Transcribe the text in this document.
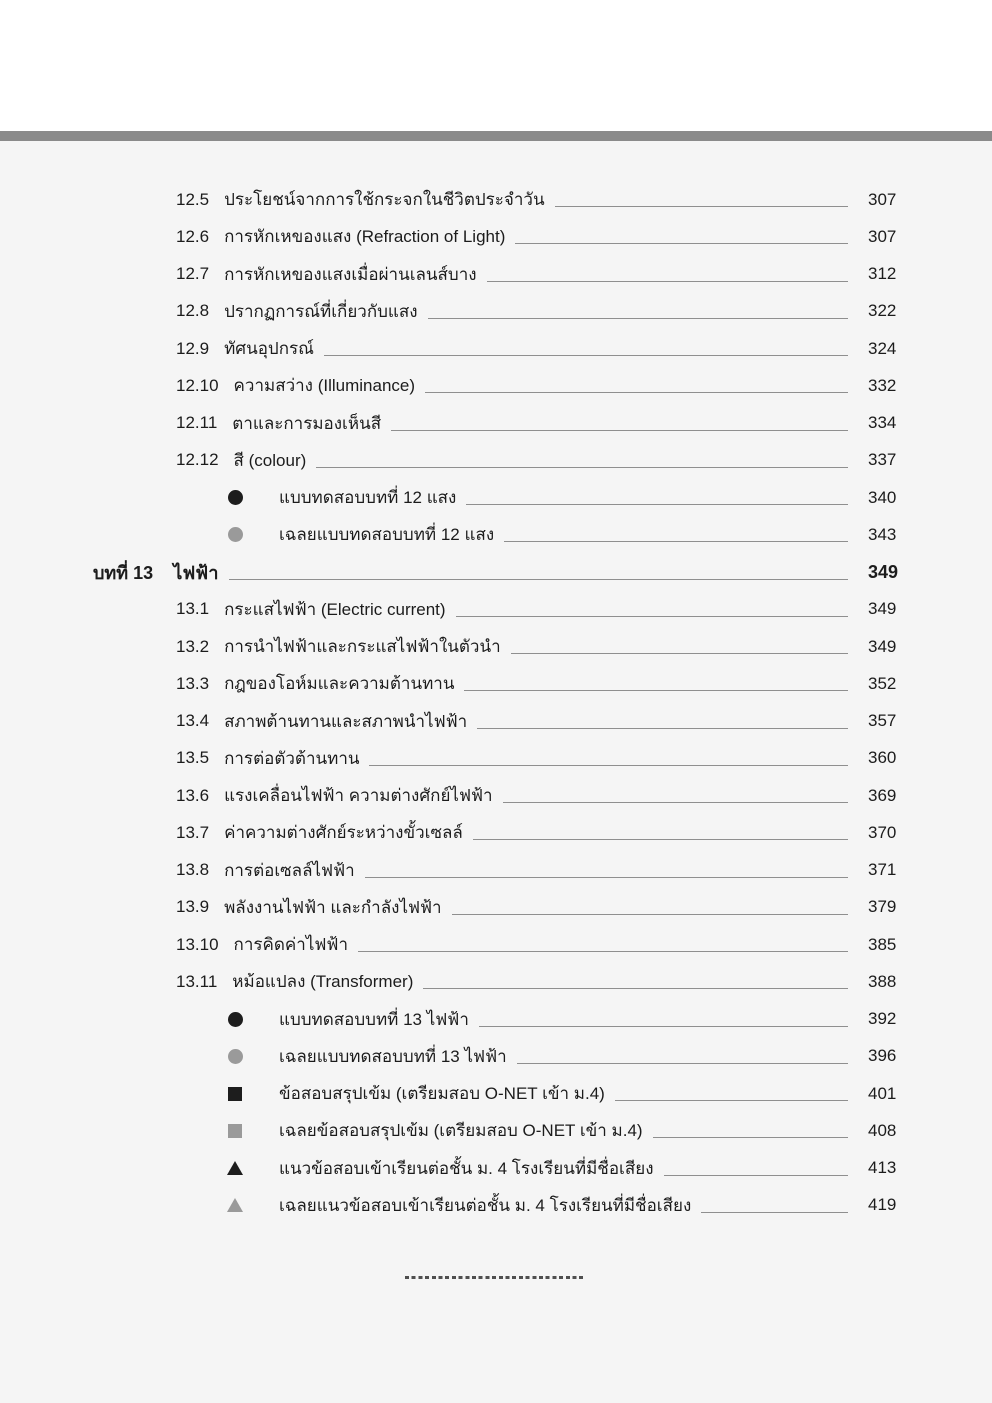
12.5 ประโยชน์จากการใช้กระจกในชีวิตประจำวัน	307
12.6 การหักเหของแสง (Refraction of Light)	307
12.7 การหักเหของแสงเมื่อผ่านเลนส์บาง	312
12.8 ปรากฏการณ์ที่เกี่ยวกับแสง	322
12.9 ทัศนอุปกรณ์	324
12.10 ความสว่าง (Illuminance)	332
12.11 ตาและการมองเห็นสี	334
12.12 สี (colour)	337
แบบทดสอบบทที่ 12 แสง	340
เฉลยแบบทดสอบบทที่ 12 แสง	343
บทที่ 13 ไฟฟ้า	349
13.1 กระแสไฟฟ้า (Electric current)	349
13.2 การนำไฟฟ้าและกระแสไฟฟ้าในตัวนำ	349
13.3 กฎของโอห์มและความต้านทาน	352
13.4 สภาพต้านทานและสภาพนำไฟฟ้า	357
13.5 การต่อตัวต้านทาน	360
13.6 แรงเคลื่อนไฟฟ้า ความต่างศักย์ไฟฟ้า	369
13.7 ค่าความต่างศักย์ระหว่างขั้วเซลล์	370
13.8 การต่อเซลล์ไฟฟ้า	371
13.9 พลังงานไฟฟ้า และกำลังไฟฟ้า	379
13.10 การคิดค่าไฟฟ้า	385
13.11 หม้อแปลง (Transformer)	388
แบบทดสอบบทที่ 13 ไฟฟ้า	392
เฉลยแบบทดสอบบทที่ 13 ไฟฟ้า	396
ข้อสอบสรุปเข้ม (เตรียมสอบ O-NET เข้า ม.4)	401
เฉลยข้อสอบสรุปเข้ม (เตรียมสอบ O-NET เข้า ม.4)	408
แนวข้อสอบเข้าเรียนต่อชั้น ม. 4 โรงเรียนที่มีชื่อเสียง	413
เฉลยแนวข้อสอบเข้าเรียนต่อชั้น ม. 4 โรงเรียนที่มีชื่อเสียง	419
